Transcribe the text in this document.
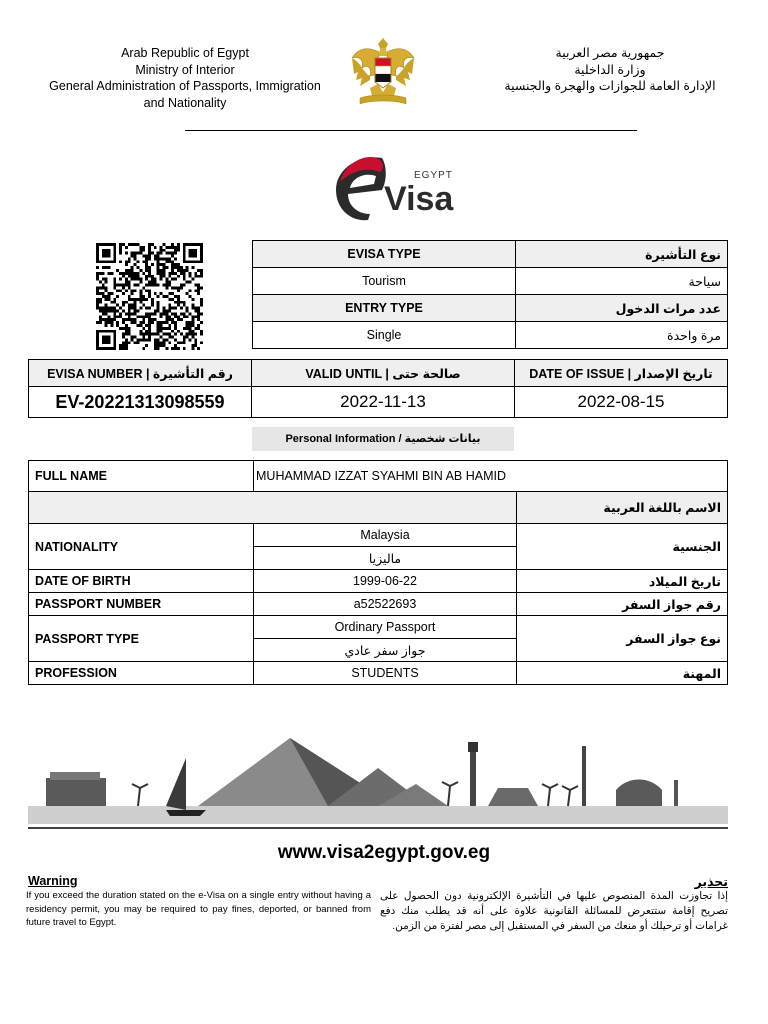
Arab Republic of Egypt
Ministry of Interior
General Administration of Passports, Immigration
and Nationality
جمهورية مصر العربية
وزارة الداخلية
الإدارة العامة للجوازات والهجرة والجنسية
EGYPT
Visa
EVISA TYPE	نوع التأشيرة
Tourism	سياحة
ENTRY TYPE	عدد مرات الدخول
Single	مرة واحدة
EVISA NUMBER | رقم التأشيرة	VALID UNTIL | صالحة حتى	DATE OF ISSUE | تاريخ الإصدار
EV-20221313098559	2022-11-13	2022-08-15
Personal Information / بيانات شخصية
FULL NAME	MUHAMMAD IZZAT SYAHMI BIN AB HAMID	
		الاسم باللغة العربية
NATIONALITY	Malaysia	الجنسية
	ماليزيا	
DATE OF BIRTH	1999-06-22	تاريخ الميلاد
PASSPORT NUMBER	a52522693	رقم جواز السفر
PASSPORT TYPE	Ordinary Passport	نوع جواز السفر
	جواز سفر عادي	
PROFESSION	STUDENTS	المهنة
www.visa2egypt.gov.eg
Warning
If you exceed the duration stated on the e-Visa on a single entry without having a residency permit, you may be required to pay fines, deported, or banned from future travel to Egypt.
تحذير
إذا تجاوزت المدة المنصوص عليها في التأشيرة الإلكترونية دون الحصول على تصريح إقامة ستتعرض للمسائلة القانونية علاوة على أنه قد يطلب منك دفع غرامات أو ترحيلك أو منعك من السفر في المستقبل إلى مصر لفترة من الزمن.
